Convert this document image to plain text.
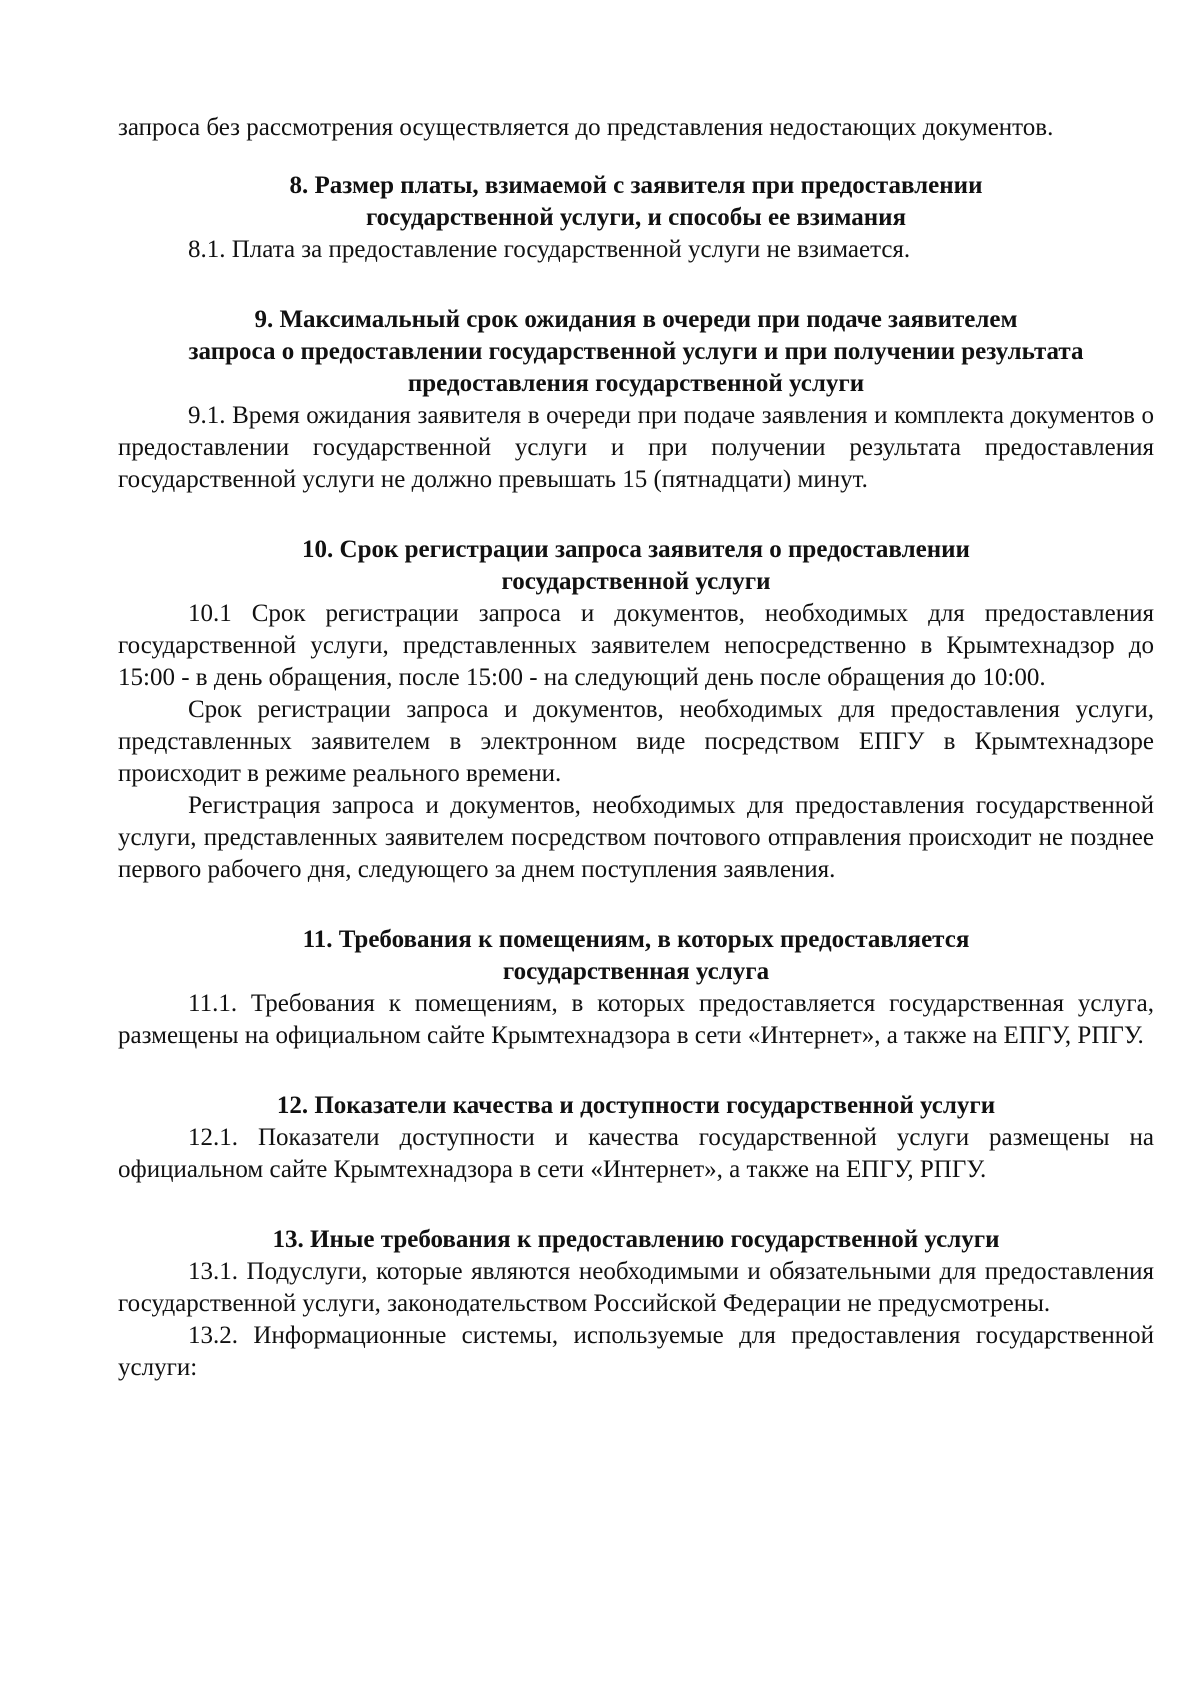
запроса без рассмотрения осуществляется до представления недостающих документов.

8. Размер платы, взимаемой с заявителя при предоставлении
государственной услуги, и способы ее взимания

8.1. Плата за предоставление государственной услуги не взимается.

9. Максимальный срок ожидания в очереди при подаче заявителем
запроса о предоставлении государственной услуги и при получении результата
предоставления государственной услуги

9.1. Время ожидания заявителя в очереди при подаче заявления и комплекта документов о предоставлении государственной услуги и при получении результата предоставления государственной услуги не должно превышать 15 (пятнадцати) минут.

10. Срок регистрации запроса заявителя о предоставлении
государственной услуги

10.1 Срок регистрации запроса и документов, необходимых для предоставления государственной услуги, представленных заявителем непосредственно в Крымтехнадзор до 15:00 - в день обращения, после 15:00 - на следующий день после обращения до 10:00.

Срок регистрации запроса и документов, необходимых для предоставления услуги, представленных заявителем в электронном виде посредством ЕПГУ в Крымтехнадзоре происходит в режиме реального времени.

Регистрация запроса и документов, необходимых для предоставления государственной услуги, представленных заявителем посредством почтового отправления происходит не позднее первого рабочего дня, следующего за днем поступления заявления.

11. Требования к помещениям, в которых предоставляется
государственная услуга

11.1. Требования к помещениям, в которых предоставляется государственная услуга, размещены на официальном сайте Крымтехнадзора в сети «Интернет», а также на ЕПГУ, РПГУ.

12. Показатели качества и доступности государственной услуги

12.1. Показатели доступности и качества государственной услуги размещены на официальном сайте Крымтехнадзора в сети «Интернет», а также на ЕПГУ, РПГУ.

13. Иные требования к предоставлению государственной услуги

13.1. Подуслуги, которые являются необходимыми и обязательными для предоставления государственной услуги, законодательством Российской Федерации не предусмотрены.

13.2. Информационные системы, используемые для предоставления государственной услуги:
